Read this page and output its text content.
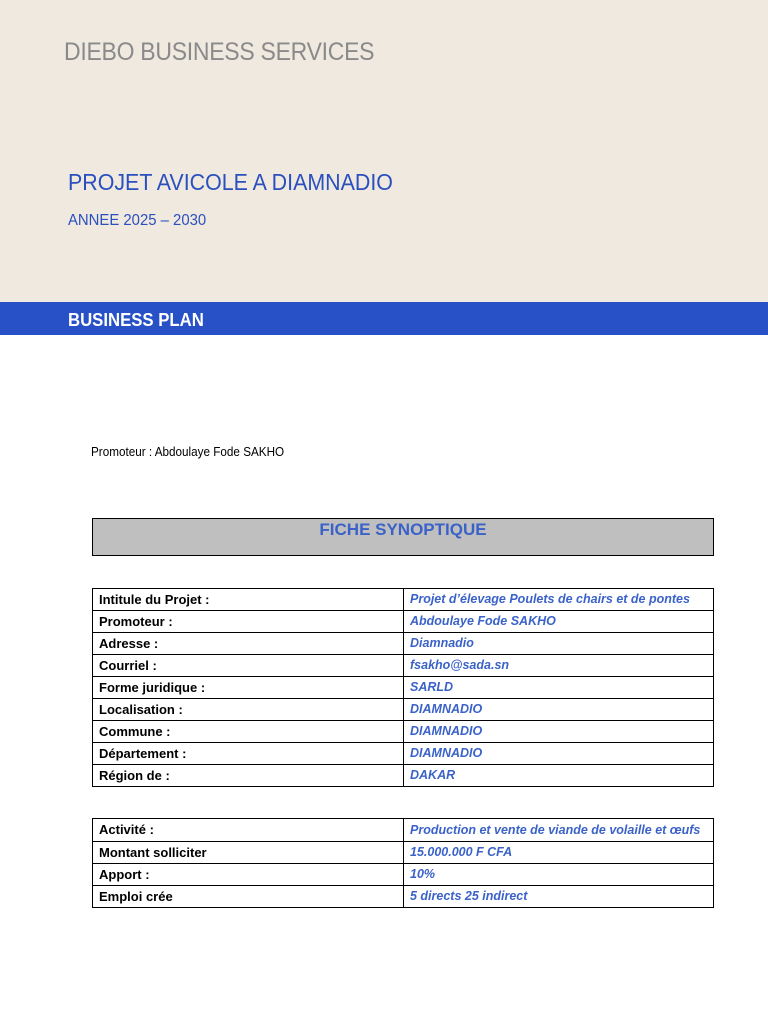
DIEBO BUSINESS SERVICES
PROJET AVICOLE A DIAMNADIO
ANNEE 2025 – 2030
BUSINESS PLAN
Promoteur : Abdoulaye Fode SAKHO
FICHE SYNOPTIQUE
Intitule du Projet :	Projet d’élevage Poulets de chairs et de pontes
Promoteur :	Abdoulaye Fode SAKHO
Adresse :	Diamnadio
Courriel :	fsakho@sada.sn
Forme juridique :	SARLD
Localisation :	DIAMNADIO
Commune :	DIAMNADIO
Département :	DIAMNADIO
Région de :	DAKAR
Activité :	Production et vente de viande de volaille et œufs
Montant solliciter	15.000.000 F CFA
Apport :	10%
Emploi crée	5 directs 25 indirect
